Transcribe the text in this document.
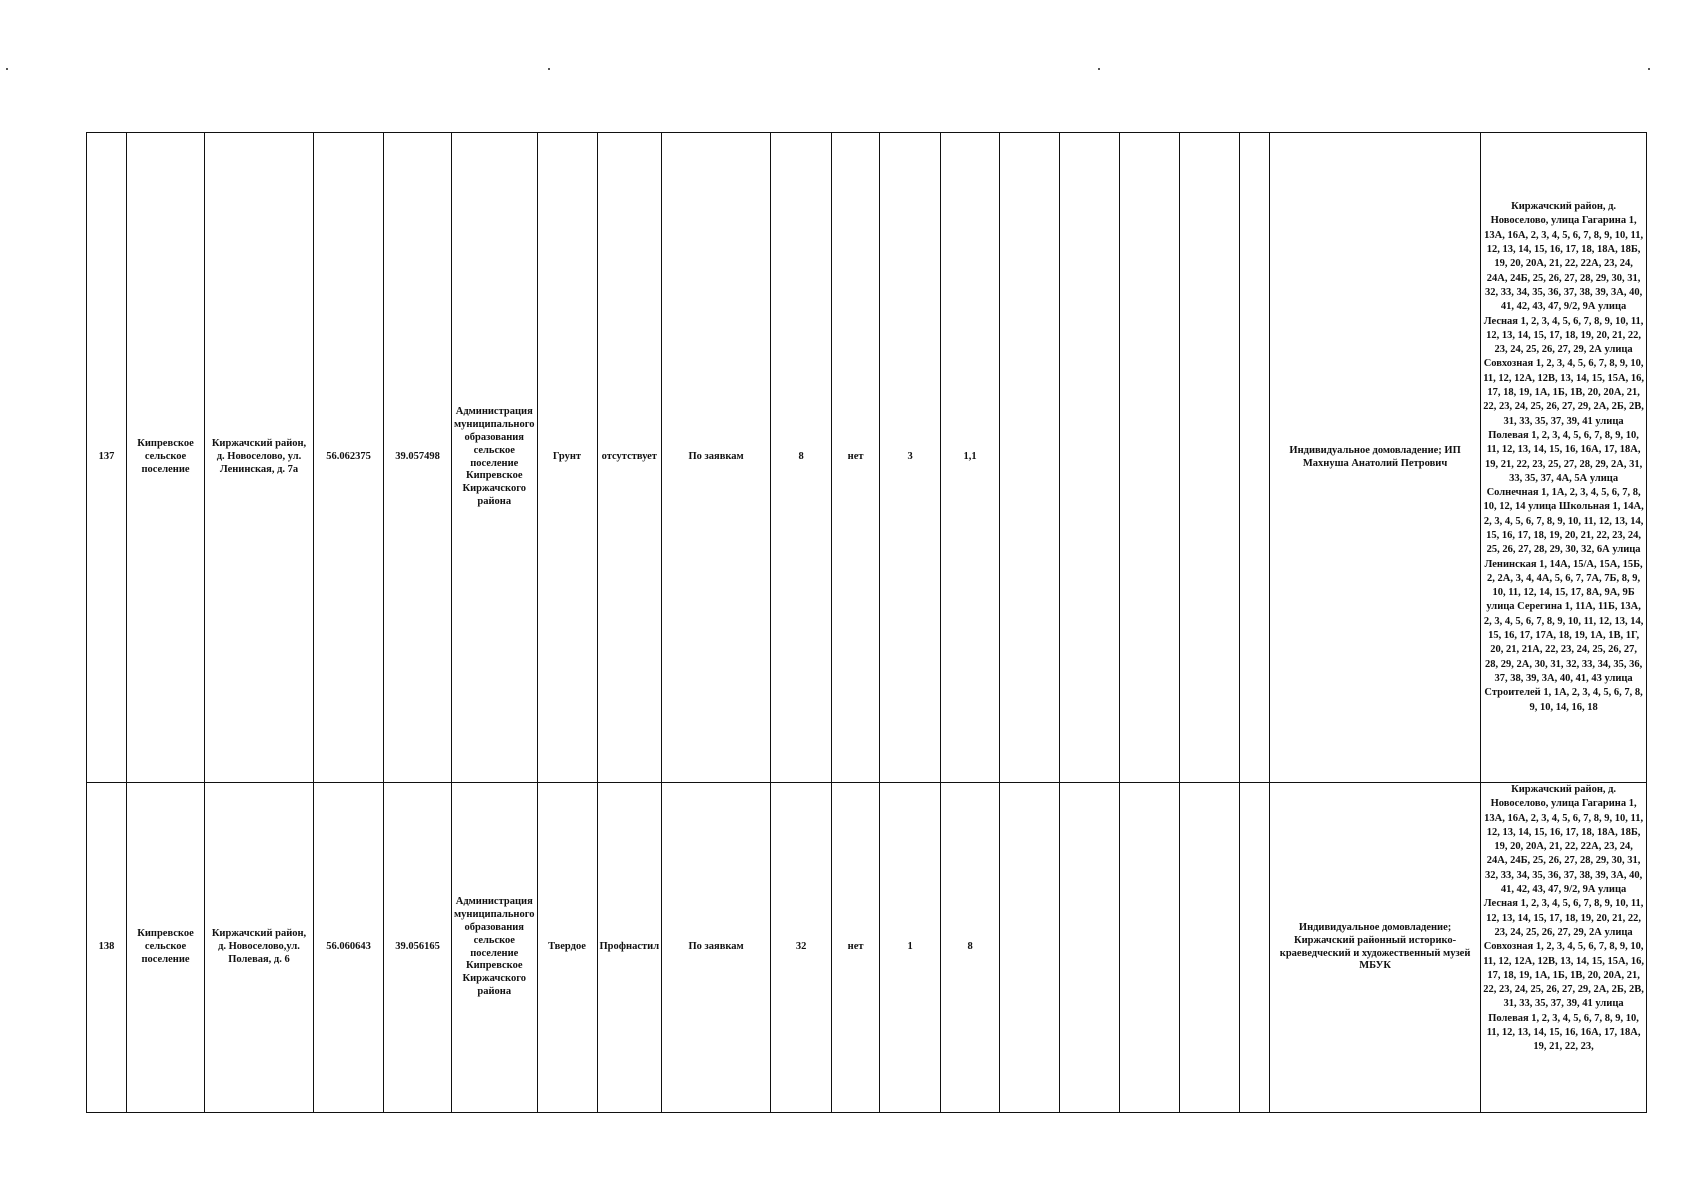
137	Кипревское сельское поселение	Киржачский район, д. Новоселово, ул. Ленинская, д. 7а	56.062375	39.057498	Администрация муниципального образования сельское поселение Кипревское Киржачского района	Грунт	отсутствует	По заявкам	8	нет	3	1,1						Индивидуальное домовладение; ИП Махнуша Анатолий Петрович	Киржачский район, д. Новоселово, улица Гагарина 1, 13А, 16А, 2, 3, 4, 5, 6, 7, 8, 9, 10, 11, 12, 13, 14, 15, 16, 17, 18, 18А, 18Б, 19, 20, 20А, 21, 22, 22А, 23, 24, 24А, 24Б, 25, 26, 27, 28, 29, 30, 31, 32, 33, 34, 35, 36, 37, 38, 39, 3А, 40, 41, 42, 43, 47, 9/2, 9А улица Лесная 1, 2, 3, 4, 5, 6, 7, 8, 9, 10, 11, 12, 13, 14, 15, 17, 18, 19, 20, 21, 22, 23, 24, 25, 26, 27, 29, 2А улица Совхозная 1, 2, 3, 4, 5, 6, 7, 8, 9, 10, 11, 12, 12А, 12В, 13, 14, 15, 15А, 16, 17, 18, 19, 1А, 1Б, 1В, 20, 20А, 21, 22, 23, 24, 25, 26, 27, 29, 2А, 2Б, 2В, 31, 33, 35, 37, 39, 41 улица Полевая 1, 2, 3, 4, 5, 6, 7, 8, 9, 10, 11, 12, 13, 14, 15, 16, 16А, 17, 18А, 19, 21, 22, 23, 25, 27, 28, 29, 2А, 31, 33, 35, 37, 4А, 5А улица Солнечная 1, 1А, 2, 3, 4, 5, 6, 7, 8, 10, 12, 14 улица Школьная 1, 14А, 2, 3, 4, 5, 6, 7, 8, 9, 10, 11, 12, 13, 14, 15, 16, 17, 18, 19, 20, 21, 22, 23, 24, 25, 26, 27, 28, 29, 30, 32, 6А улица Ленинская 1, 14А, 15/А, 15А, 15Б, 2, 2А, 3, 4, 4А, 5, 6, 7, 7А, 7Б, 8, 9, 10, 11, 12, 14, 15, 17, 8А, 9А, 9Б улица Серегина 1, 11А, 11Б, 13А, 2, 3, 4, 5, 6, 7, 8, 9, 10, 11, 12, 13, 14, 15, 16, 17, 17А, 18, 19, 1А, 1В, 1Г, 20, 21, 21А, 22, 23, 24, 25, 26, 27, 28, 29, 2А, 30, 31, 32, 33, 34, 35, 36, 37, 38, 39, 3А, 40, 41, 43 улица Строителей 1, 1А, 2, 3, 4, 5, 6, 7, 8, 9, 10, 14, 16, 18
138	Кипревское сельское поселение	Киржачский район, д. Новоселово,ул. Полевая, д. 6	56.060643	39.056165	Администрация муниципального образования сельское поселение Кипревское Киржачского района	Твердое	Профнастил	По заявкам	32	нет	1	8						Индивидуальное домовладение; Киржачский районный историко-краеведческий и художественный музей МБУК	Киржачский район, д. Новоселово, улица Гагарина 1, 13А, 16А, 2, 3, 4, 5, 6, 7, 8, 9, 10, 11, 12, 13, 14, 15, 16, 17, 18, 18А, 18Б, 19, 20, 20А, 21, 22, 22А, 23, 24, 24А, 24Б, 25, 26, 27, 28, 29, 30, 31, 32, 33, 34, 35, 36, 37, 38, 39, 3А, 40, 41, 42, 43, 47, 9/2, 9А улица Лесная 1, 2, 3, 4, 5, 6, 7, 8, 9, 10, 11, 12, 13, 14, 15, 17, 18, 19, 20, 21, 22, 23, 24, 25, 26, 27, 29, 2А улица Совхозная 1, 2, 3, 4, 5, 6, 7, 8, 9, 10, 11, 12, 12А, 12В, 13, 14, 15, 15А, 16, 17, 18, 19, 1А, 1Б, 1В, 20, 20А, 21, 22, 23, 24, 25, 26, 27, 29, 2А, 2Б, 2В, 31, 33, 35, 37, 39, 41 улица Полевая 1, 2, 3, 4, 5, 6, 7, 8, 9, 10, 11, 12, 13, 14, 15, 16, 16А, 17, 18А, 19, 21, 22, 23,
